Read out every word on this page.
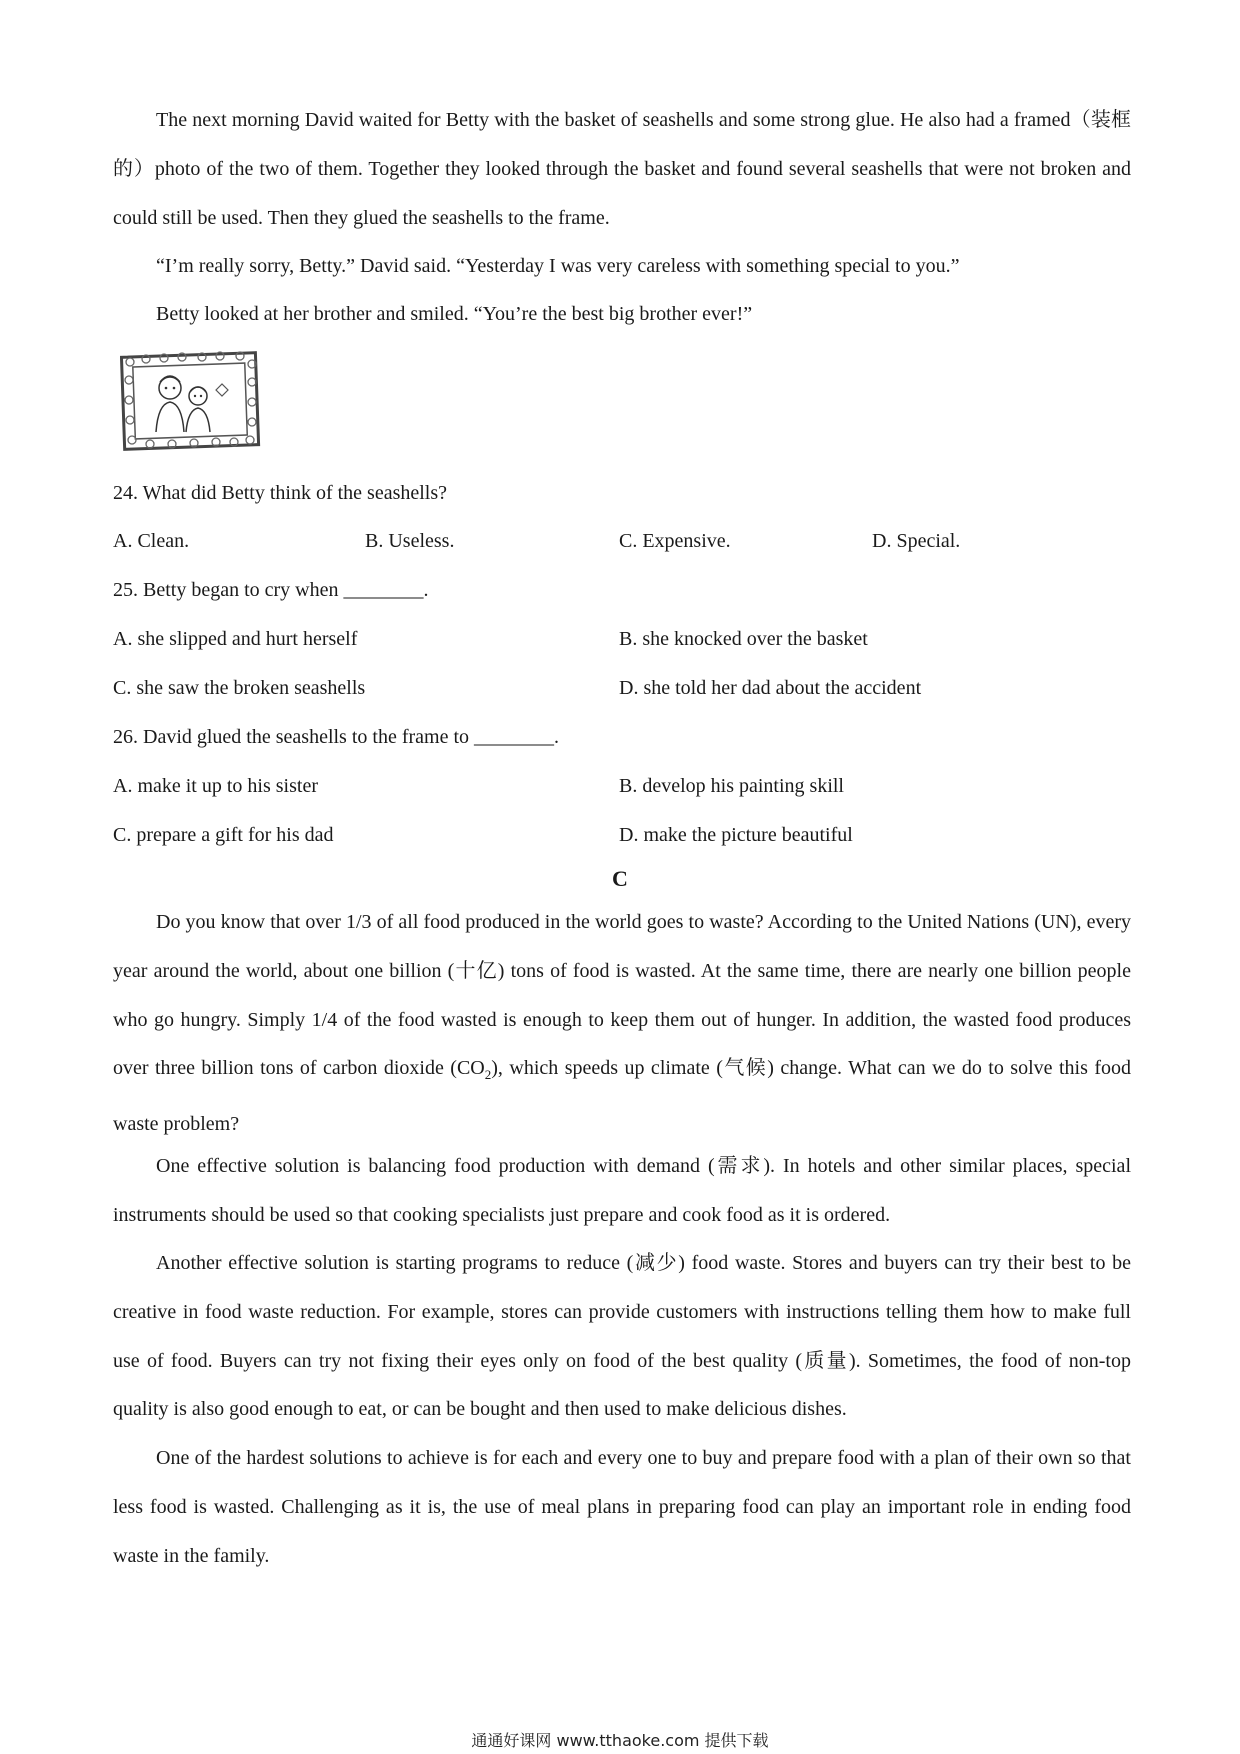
The next morning David waited for Betty with the basket of seashells and some strong glue. He also had a framed（装框的）photo of the two of them. Together they looked through the basket and found several seashells that were not broken and could still be used. Then they glued the seashells to the frame.
“I’m really sorry, Betty.” David said. “Yesterday I was very careless with something special to you.”
Betty looked at her brother and smiled. “You’re the best big brother ever!”
24. What did Betty think of the seashells?
A. Clean.	B. Useless.	C. Expensive.	D. Special.
25. Betty began to cry when ________.
A. she slipped and hurt herself	B. she knocked over the basket
C. she saw the broken seashells	D. she told her dad about the accident
26. David glued the seashells to the frame to ________.
A. make it up to his sister	B. develop his painting skill
C. prepare a gift for his dad	D. make the picture beautiful
C
Do you know that over 1/3 of all food produced in the world goes to waste? According to the United Nations (UN), every year around the world, about one billion (十亿) tons of food is wasted. At the same time, there are nearly one billion people who go hungry. Simply 1/4 of the food wasted is enough to keep them out of hunger. In addition, the wasted food produces over three billion tons of carbon dioxide $(CO_2)$, which speeds up climate (气候) change. What can we do to solve this food waste problem?
One effective solution is balancing food production with demand (需求). In hotels and other similar places, special instruments should be used so that cooking specialists just prepare and cook food as it is ordered.
Another effective solution is starting programs to reduce (减少) food waste. Stores and buyers can try their best to be creative in food waste reduction. For example, stores can provide customers with instructions telling them how to make full use of food. Buyers can try not fixing their eyes only on food of the best quality (质量). Sometimes, the food of non-top quality is also good enough to eat, or can be bought and then used to make delicious dishes.
One of the hardest solutions to achieve is for each and every one to buy and prepare food with a plan of their own so that less food is wasted. Challenging as it is, the use of meal plans in preparing food can play an important role in ending food waste in the family.
通通好课网 www.tthaoke.com 提供下载
